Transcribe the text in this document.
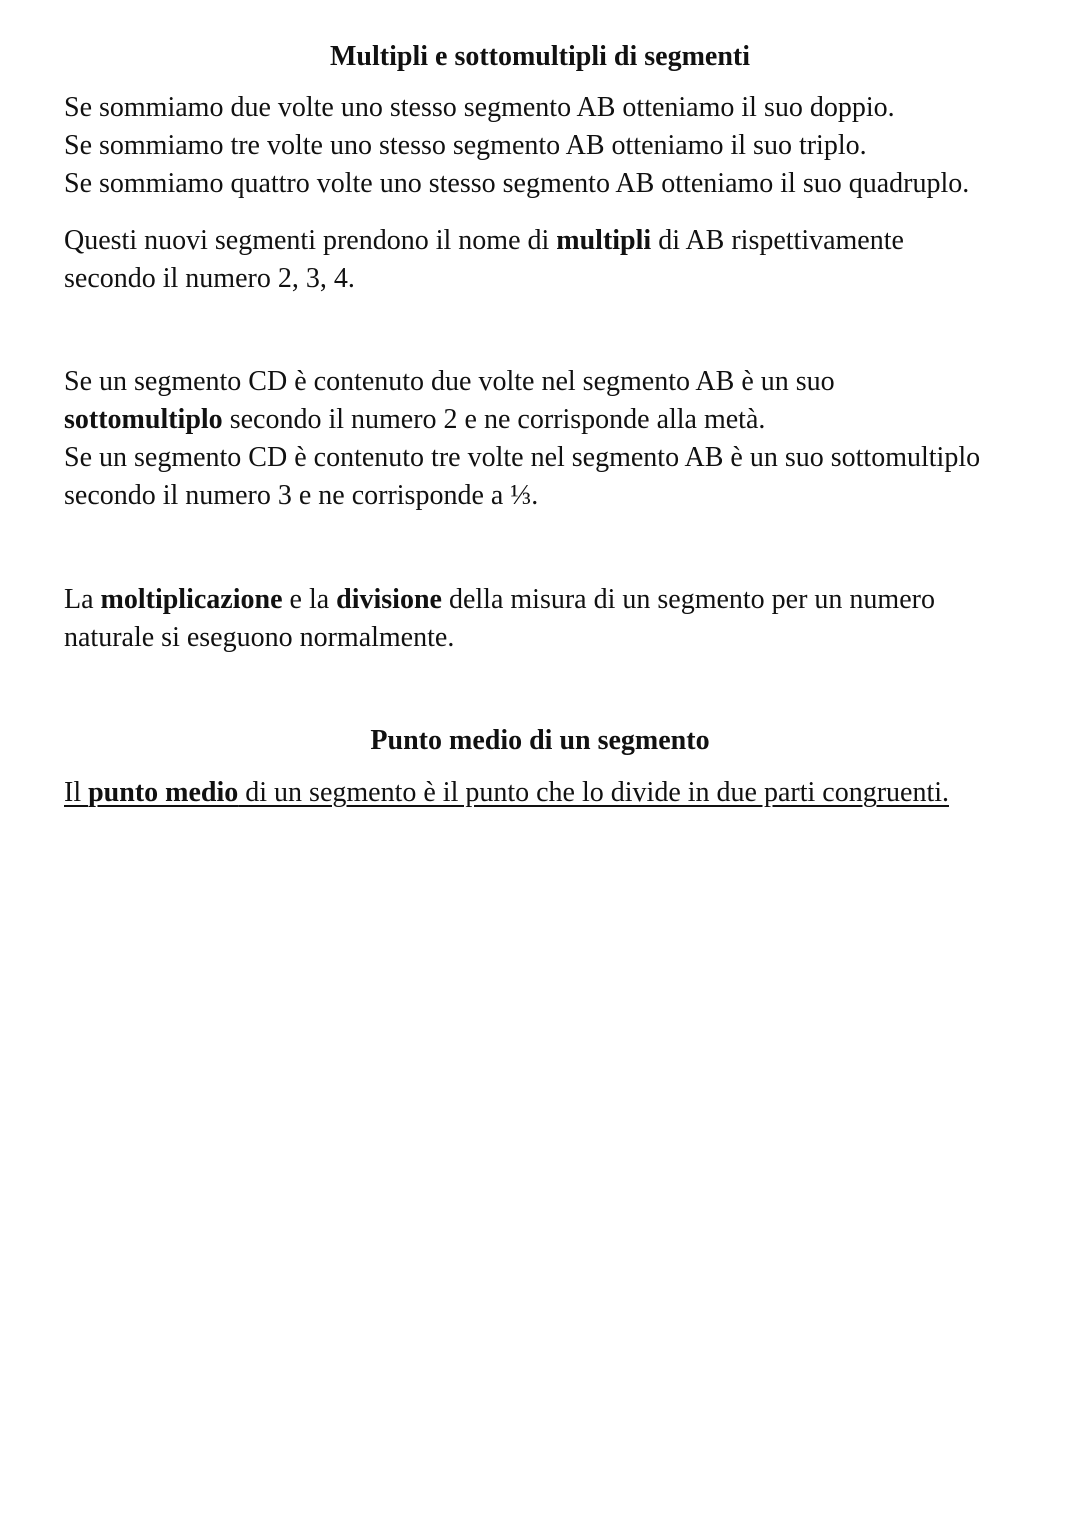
Multipli e sottomultipli di segmenti

Se sommiamo due volte uno stesso segmento AB otteniamo il suo doppio.
Se sommiamo tre volte uno stesso segmento AB otteniamo il suo triplo.
Se sommiamo quattro volte uno stesso segmento AB otteniamo il suo quadruplo.

Questi nuovi segmenti prendono il nome di multipli di AB rispettivamente
secondo il numero 2, 3, 4.

Se un segmento CD è contenuto due volte nel segmento AB è un suo
sottomultiplo secondo il numero 2 e ne corrisponde alla metà.
Se un segmento CD è contenuto tre volte nel segmento AB è un suo sottomultiplo
secondo il numero 3 e ne corrisponde a ⅓.

La moltiplicazione e la divisione della misura di un segmento per un numero
naturale si eseguono normalmente.

Punto medio di un segmento

Il punto medio di un segmento è il punto che lo divide in due parti congruenti.
